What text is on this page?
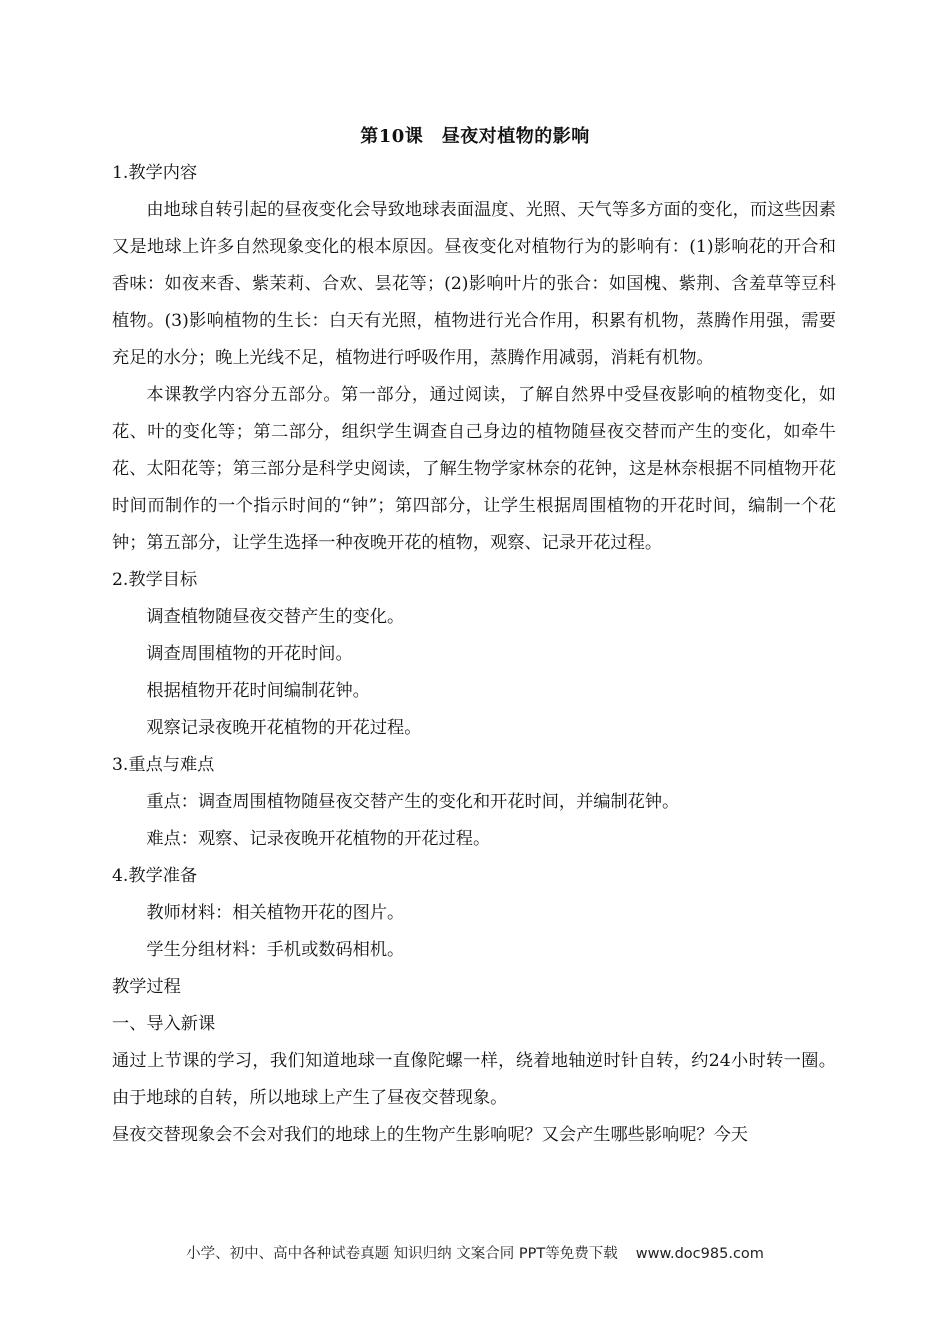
第10课　昼夜对植物的影响

1.教学内容

由地球自转引起的昼夜变化会导致地球表面温度、光照、天气等多方面的变化，而这些因素又是地球上许多自然现象变化的根本原因。昼夜变化对植物行为的影响有：(1)影响花的开合和香味：如夜来香、紫茉莉、合欢、昙花等；(2)影响叶片的张合：如国槐、紫荆、含羞草等豆科植物。(3)影响植物的生长：白天有光照，植物进行光合作用，积累有机物，蒸腾作用强，需要充足的水分；晚上光线不足，植物进行呼吸作用，蒸腾作用减弱，消耗有机物。

本课教学内容分五部分。第一部分，通过阅读，了解自然界中受昼夜影响的植物变化，如花、叶的变化等；第二部分，组织学生调查自己身边的植物随昼夜交替而产生的变化，如牵牛花、太阳花等；第三部分是科学史阅读，了解生物学家林奈的花钟，这是林奈根据不同植物开花时间而制作的一个指示时间的“钟”；第四部分，让学生根据周围植物的开花时间，编制一个花钟；第五部分，让学生选择一种夜晚开花的植物，观察、记录开花过程。

2.教学目标

调查植物随昼夜交替产生的变化。

调查周围植物的开花时间。

根据植物开花时间编制花钟。

观察记录夜晚开花植物的开花过程。

3.重点与难点

重点：调查周围植物随昼夜交替产生的变化和开花时间，并编制花钟。

难点：观察、记录夜晚开花植物的开花过程。

4.教学准备

教师材料：相关植物开花的图片。

学生分组材料：手机或数码相机。

教学过程

一、导入新课

通过上节课的学习，我们知道地球一直像陀螺一样，绕着地轴逆时针自转，约24小时转一圈。由于地球的自转，所以地球上产生了昼夜交替现象。

昼夜交替现象会不会对我们的地球上的生物产生影响呢？又会产生哪些影响呢？今天

小学、初中、高中各种试卷真题 知识归纳 文案合同 PPT等免费下载 www.doc985.com
